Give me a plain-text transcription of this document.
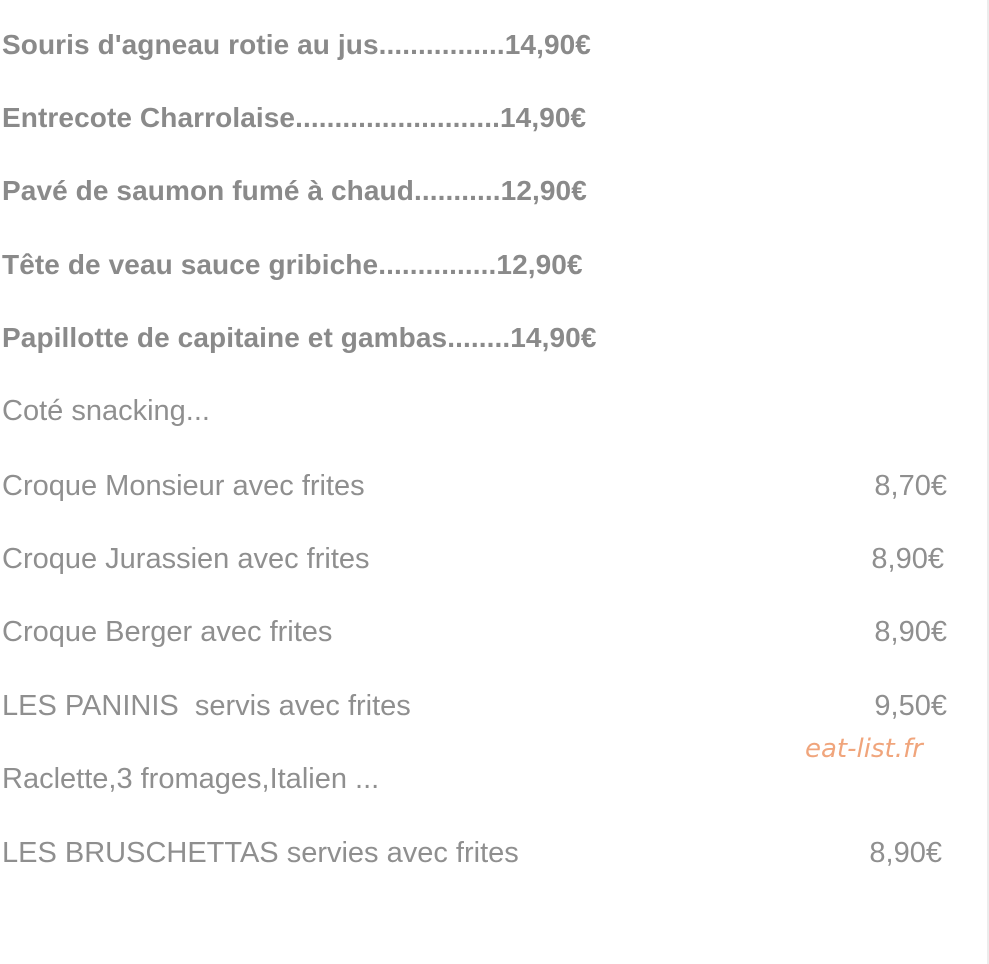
Souris d'agneau rotie au jus................14,90€
Entrecote Charrolaise..........................14,90€
Pavé de saumon fumé à chaud...........12,90€
Tête de veau sauce gribiche...............12,90€
Papillotte de capitaine et gambas........14,90€
Coté snacking...
Croque Monsieur avec frites	8,70€
Croque Jurassien avec frites	8,90€
Croque Berger avec frites	8,90€
LES PANINIS  servis avec frites	9,50€
eat-list.fr
Raclette,3 fromages,Italien ...
LES BRUSCHETTAS servies avec frites	8,90€
